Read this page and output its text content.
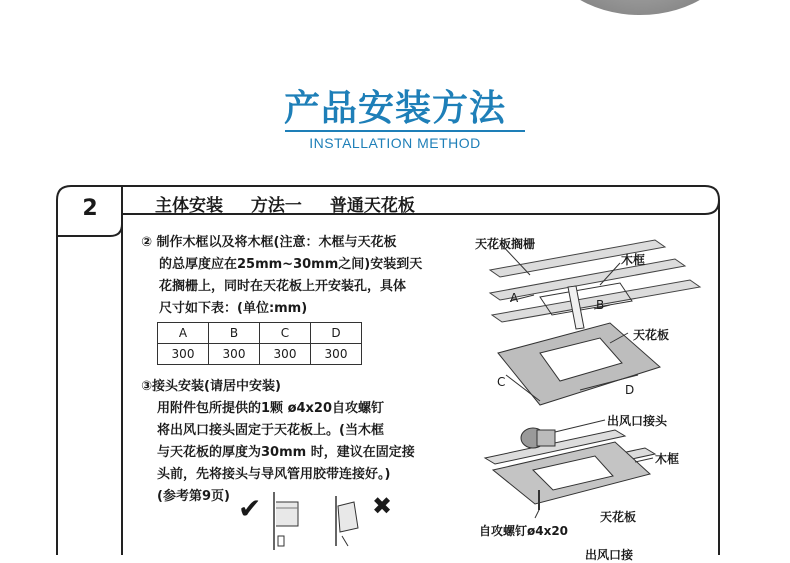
产品安装方法
INSTALLATION METHOD
2	主体安装 方法一 普通天花板
② 制作木框以及将木框(注意：木框与天花板
的总厚度应在25mm~30mm之间)安装到天
花搁栅上，同时在天花板上开安装孔，具体
尺寸如下表：(单位:mm)
A	B	C	D
300	300	300	300
③接头安装(请居中安装)
用附件包所提供的1颗 ø4x20自攻螺钉
将出风口接头固定于天花板上。(当木框
与天花板的厚度为30mm 时，建议在固定接
头前，先将接头与导风管用胶带连接好。)
(参考第9页) ✔	✖
天花板搁栅
木框
天花板
A	B
C
D
出风口接头
木框
天花板
自攻螺钉ø4x20
出风口接
